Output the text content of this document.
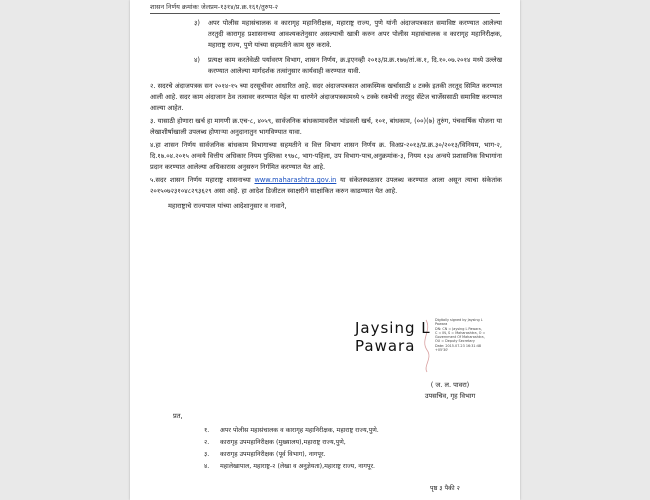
शासन निर्णय क्रमांकः जेलप्रम-१३१४/प्र.क्र.१६१/तुरुप-२
३)	अपर पोलीस महासंचालक व कारागृह महानिरीक्षक, महाराष्ट्र राज्य, पुणे यांनी अंदाजपत्रकात समाविष्ट करण्यात आलेल्या तरतुदी कारागृह प्रशासनाच्या आवश्यकतेनुसार असल्याची खात्री करुन अपर पोलीस महासंचालक व कारागृह महानिरीक्षक, महाराष्ट्र राज्य, पुणे यांच्या सहमतीने काम सुरु करावे.
४)	प्रत्यक्ष काम करतेवेळी पर्यावरण विभाग, शासन निर्णय, क्र.इएनव्ही २०१३/प्र.क्र.१७७/तां.क.१, दि.१०.०७.२०१४ मध्ये उल्लेख करण्यात आलेल्या मार्गदर्शक तत्वांनुसार कार्यवाही करण्यात यावी.

२. सदरचे अंदाजपत्रक सन २०१४-१५ च्या दरसूचीवर आधारित आहे. सदर अंदाजपत्रकात आकस्मिक खर्चासाठी ४ टक्के इतकी तरतूद सिमित करण्यात आली आहे. सदर काम अंदाजान ठेव तत्वावर करण्यात येईल या धारणेने अंदाजपत्रकामध्ये ५ टक्के रकमेची तरतूद सेंटेज चार्जेससाठी समाविष्ट करण्यात आल्या आहेत.

३. यासाठी होणारा खर्च हा मागणी क्र.एच-८, ४०५९, सार्वजनिक बांधकामावरील भांडवली खर्च, १०१, बांधकाम, (००)(७) तुरुंग, पंचवार्षिक योजना या लेखाशीर्षाखाली उपलब्ध होणाऱ्या अनुदानातुन भागविण्यात यावा.

४.हा शासन निर्णय सार्वजनिक बांधकाम विभागाच्या सहमतीने व वित्त विभाग शासन निर्णय क्र. विअप्र-२०१३/प्र.क्र.३०/२०१३/विनियम, भाग-२, दि.१७.०४.२०१५ अन्वये वित्तीय अधिकार नियम पुस्तिका १९७८, भाग-पहिला, उप विभाग-पाच,अनुक्रमांक-३, नियम १३४ अन्वये प्रशासनिक विभागांना प्रदान करण्यात आलेल्या अधिकारास अनुसरुन निर्गमित करण्यात येत आहे.

५.सदर शासन निर्णय महाराष्ट्र शासनाच्या www.maharashtra.gov.in या संकेतस्थळावर उपलब्ध करण्यात आला असून त्याचा संकेतांक २०१५०७२३१०४८२९३६२९ असा आहे. हा आदेश डिजीटल स्वाक्षरीने साक्षांकित करुन काढण्यात येत आहे.

महाराष्ट्राचे राज्यपाल यांच्या आदेशानुसार व नावाने,
Jaysing L
Pawara
Digitally signed by Jaysing L
Pawara
DN: CN = Jaysing L Pawara,
C = IN, S = Maharashtra, O =
Government Of Maharashtra,
OU = Deputy Secretary
Date: 2015.07.23 16:31:48
+05'30'
( ज. ल. पावरा)
उपसचिव, गृह विभाग
प्रत,
१. अपर पोलीस महासंचालक व कारागृह महानिरीक्षक, महाराष्ट्र राज्य,पुणे.
२. कारागृह उपमहानिरीक्षक (मुख्यालय),महाराष्ट्र राज्य,पुणे,
३. कारागृह उपमहानिरीक्षक (पूर्व विभाग), नागपूर.
४. महालेखापाल, महाराष्ट्र-२ (लेखा व अनुज्ञेयता),महाराष्ट्र राज्य, नागपूर.
पृष्ठ ३ पैकी २
